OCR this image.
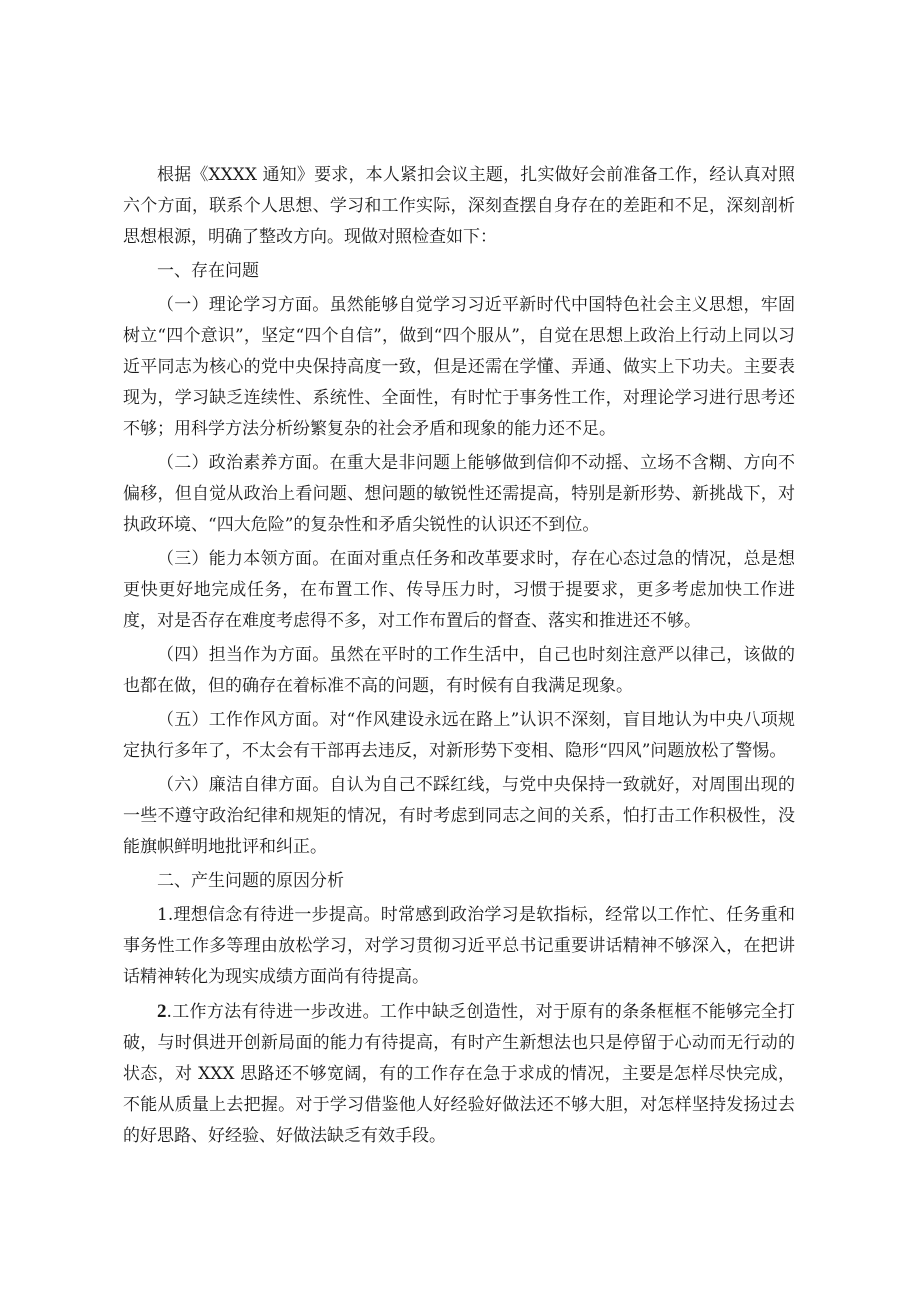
根据《XXXX 通知》要求，本人紧扣会议主题，扎实做好会前准备工作，经认真对照六个方面，联系个人思想、学习和工作实际，深刻查摆自身存在的差距和不足，深刻剖析思想根源，明确了整改方向。现做对照检查如下：

一、存在问题

（一）理论学习方面。虽然能够自觉学习习近平新时代中国特色社会主义思想，牢固树立“四个意识”，坚定“四个自信”，做到“四个服从”，自觉在思想上政治上行动上同以习近平同志为核心的党中央保持高度一致，但是还需在学懂、弄通、做实上下功夫。主要表现为，学习缺乏连续性、系统性、全面性，有时忙于事务性工作，对理论学习进行思考还不够；用科学方法分析纷繁复杂的社会矛盾和现象的能力还不足。

（二）政治素养方面。在重大是非问题上能够做到信仰不动摇、立场不含糊、方向不偏移，但自觉从政治上看问题、想问题的敏锐性还需提高，特别是新形势、新挑战下，对执政环境、“四大危险”的复杂性和矛盾尖锐性的认识还不到位。

（三）能力本领方面。在面对重点任务和改革要求时，存在心态过急的情况，总是想更快更好地完成任务，在布置工作、传导压力时，习惯于提要求，更多考虑加快工作进度，对是否存在难度考虑得不多，对工作布置后的督查、落实和推进还不够。

（四）担当作为方面。虽然在平时的工作生活中，自己也时刻注意严以律己，该做的也都在做，但的确存在着标准不高的问题，有时候有自我满足现象。

（五）工作作风方面。对“作风建设永远在路上”认识不深刻，盲目地认为中央八项规定执行多年了，不太会有干部再去违反，对新形势下变相、隐形“四风”问题放松了警惕。

（六）廉洁自律方面。自认为自己不踩红线，与党中央保持一致就好，对周围出现的一些不遵守政治纪律和规矩的情况，有时考虑到同志之间的关系，怕打击工作积极性，没能旗帜鲜明地批评和纠正。

二、产生问题的原因分析

1.理想信念有待进一步提高。时常感到政治学习是软指标，经常以工作忙、任务重和事务性工作多等理由放松学习，对学习贯彻习近平总书记重要讲话精神不够深入，在把讲话精神转化为现实成绩方面尚有待提高。

2.工作方法有待进一步改进。工作中缺乏创造性，对于原有的条条框框不能够完全打破，与时俱进开创新局面的能力有待提高，有时产生新想法也只是停留于心动而无行动的状态，对 XXX 思路还不够宽阔，有的工作存在急于求成的情况，主要是怎样尽快完成，不能从质量上去把握。对于学习借鉴他人好经验好做法还不够大胆，对怎样坚持发扬过去的好思路、好经验、好做法缺乏有效手段。
